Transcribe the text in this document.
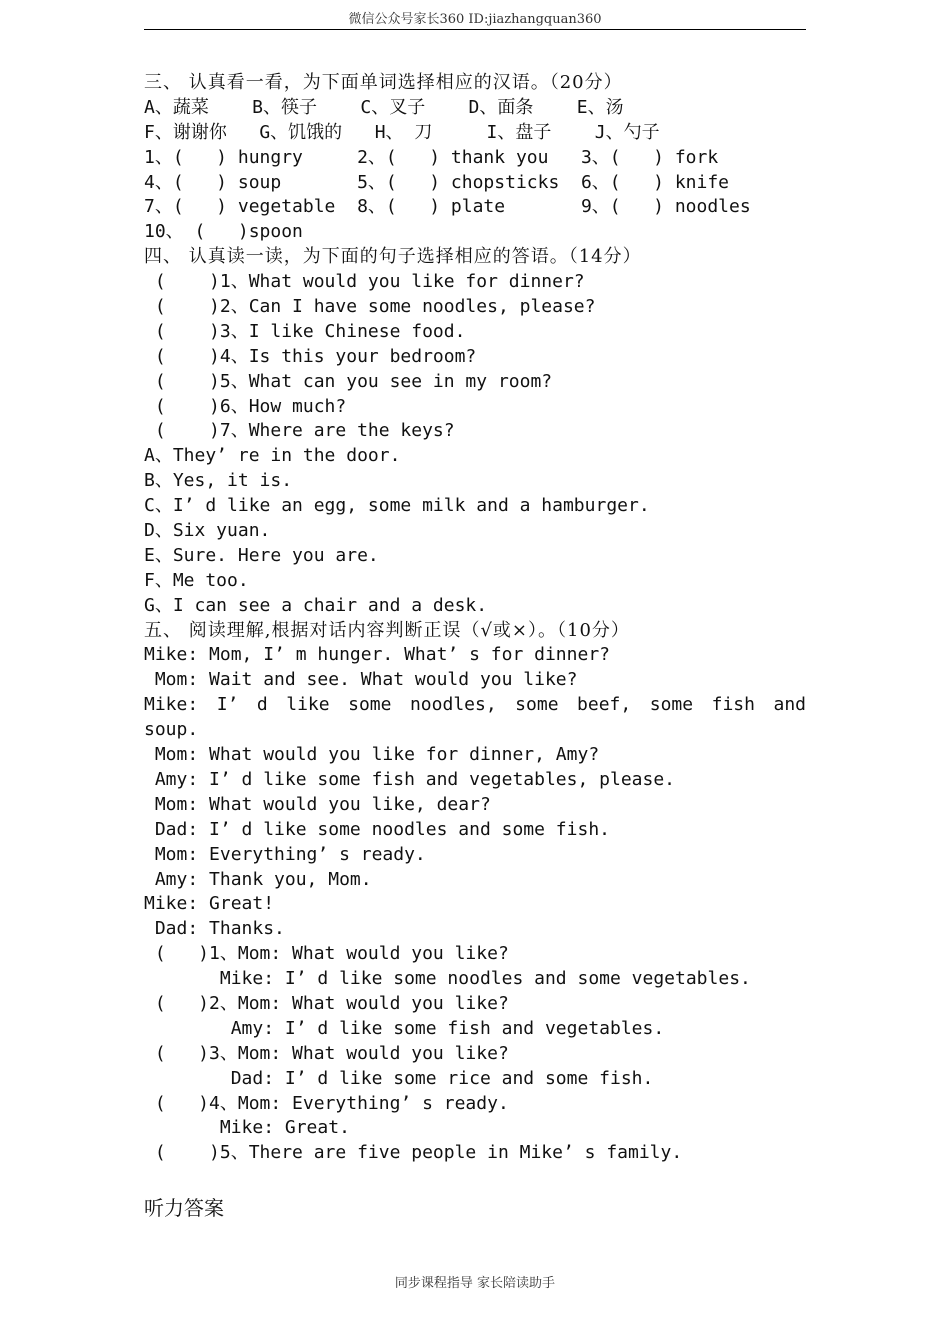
微信公众号家长360 ID:jiazhangquan360
三、 认真看一看，为下面单词选择相应的汉语。（20分）
A、蔬菜    B、筷子    C、叉子    D、面条    E、汤
F、谢谢你   G、饥饿的   H、 刀     I、盘子    J、勺子
1、(   ) hungry     2、(   ) thank you   3、(   ) fork
4、(   ) soup       5、(   ) chopsticks  6、(   ) knife
7、(   ) vegetable  8、(   ) plate       9、(   ) noodles
10、 (   )spoon
四、 认真读一读，为下面的句子选择相应的答语。（14分）
(    )1、What would you like for dinner?
(    )2、Can I have some noodles, please?
(    )3、I like Chinese food.
(    )4、Is this your bedroom?
(    )5、What can you see in my room?
(    )6、How much?
(    )7、Where are the keys?
A、They’ re in the door.
B、Yes, it is.
C、I’ d like an egg, some milk and a hamburger.
D、Six yuan.
E、Sure. Here you are.
F、Me too.
G、I can see a chair and a desk.
五、 阅读理解,根据对话内容判断正误（√或×）。（10分）
Mike: Mom, I’ m hunger. What’ s for dinner?
Mom: Wait and see. What would you like?
Mike: I’ d like some noodles, some beef, some fish and
soup.
Mom: What would you like for dinner, Amy?
Amy: I’ d like some fish and vegetables, please.
Mom: What would you like, dear?
Dad: I’ d like some noodles and some fish.
Mom: Everything’ s ready.
Amy: Thank you, Mom.
Mike: Great!
Dad: Thanks.
(   )1、Mom: What would you like?
Mike: I’ d like some noodles and some vegetables.
(   )2、Mom: What would you like?
Amy: I’ d like some fish and vegetables.
(   )3、Mom: What would you like?
Dad: I’ d like some rice and some fish.
(   )4、Mom: Everything’ s ready.
Mike: Great.
(    )5、There are five people in Mike’ s family.
听力答案
同步课程指导 家长陪读助手
